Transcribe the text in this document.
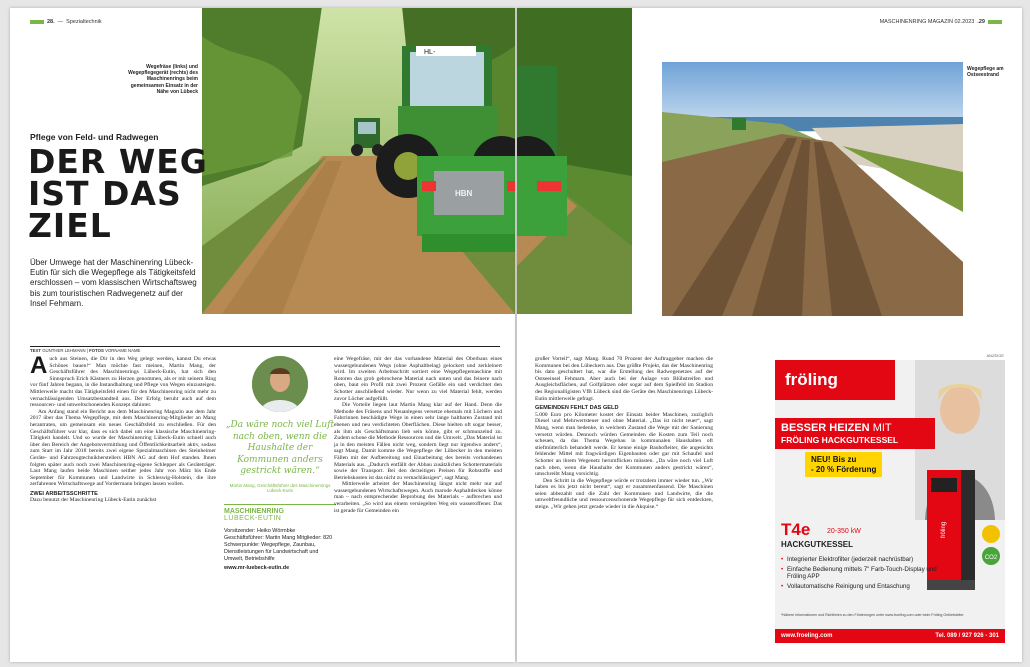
28. — Spezialtechnik
Wegefräse (links) und Wegepflegegerät (rechts) des Maschinenrings beim gemeinsamen Einsatz in der Nähe von Lübeck
HL-
HBN
Pflege von Feld- und Radwegen
DER WEG
IST DAS
ZIEL
Über Umwege hat der Maschinenring Lübeck-Eutin für sich die Wegepflege als Tätigkeitsfeld erschlossen – vom klassischen Wirtschaftsweg bis zum touristischen Radwegenetz auf der Insel Fehmarn.
TEXT GUNTHER LEHMANN | FOTOS VORNAME NAME
A uch aus Steinen, die Dir in den Weg gelegt werden, kannst Du etwas Schönes bauen!“ Man möchte fast meinen, Martin Mang, der Geschäftsführer des Maschinenrings Lübeck-Eutin, hat sich den Sinnspruch Erich Kästners zu Herzen genommen, als er mit seinem Ring vor fünf Jahren begann, in die Instandhaltung und Pflege von Wegen einzusteigen. Mittlerweile macht das Tätigkeitsfeld einen für den Maschinenring nicht mehr zu vernachlässigenden Umsatzbestandteil aus. Der Erfolg beruht auch auf dem ressourcen- und umweltschonenden Konzept dahinter.

Am Anfang stand ein Bericht aus dem Maschinenring Magazin aus dem Jahr 2017 über das Thema Wegepflege, mit dem Maschinenring-Mitglieder an Mang herantraten, um gemeinsam ein neues Geschäftsfeld zu erschließen. Für den Geschäftsführer war klar, dass es sich dabei um eine klassische Maschinenring-Tätigkeit handelt. Und so wurde der Maschinenring Lübeck-Eutin schnell auch über den Bereich der Angebotsvermittlung und Öffentlichkeitsarbeit aktiv, sodass zum Start im Jahr 2018 bereits zwei eigene Spezialmaschinen des Steinheimer Geräte- und Fahrzeugtechnikherstellers HBN AG auf dem Hof standen. Ihnen folgten später auch noch zwei Maschinenring-eigene Schlepper als Geräteträger. Laut Mang laufen beide Maschinen seither jedes Jahr von März bis Ende September für Kommunen und Landwirte in Schleswig-Holstein, die ihre zerfahrenen Wirtschaftswege auf Vordermann bringen lassen wollen.

ZWEI ARBEITSSCHRITTE

Dazu benutzt der Maschinenring Lübeck-Eutin zunächst

„Da wäre noch viel Luft nach oben, wenn die Haushalte der Kommunen anders gestrickt wären.“
Martin Mang, Geschäftsführer des Maschinenrings Lübeck-Eutin
MASCHINENRING
LÜBECK-EUTIN
Vorsitzender: Heiko Wörmbke Geschäftsführer: Martin Mang Mitglieder: 820 Schwerpunkte: Wegepflege, Zaunbau, Dienstleistungen für Landwirtschaft und Umwelt, Betriebshilfe
www.mr-luebeck-eutin.de

eine Wegefräse, mit der das vorhandene Material des Oberbaus eines wassergebundenen Wegs (ohne Asphaltbelag) gelockert und zerkleinert wird. Im zweiten Arbeitsschritt sortiert eine Wegepflegemaschine mit Rotoren das grob gebrochene Material nach unten und das feinere nach oben, baut ein Profil mit zwei Prozent Gefälle ein und verdichtet den Schotter anschließend wieder. Nur wenn zu viel Material fehlt, werden zuvor Löcher aufgefüllt.

Die Vorteile liegen laut Martin Mang klar auf der Hand. Denn die Methode des Fräsens und Neuanlegens versetze ehemals mit Löchern und Fahrrinnen beschädigte Wege in einen sehr lange haltbaren Zustand mit ebenen und neu verdichteten Oberflächen. Diese hielten oft sogar besser, als ihm als Geschäftsmann lieb sein könne, gibt er schmunzelnd zu. Zudem schone die Methode Ressourcen und die Umwelt. „Das Material ist ja in den meisten Fällen nicht weg, sondern liegt nur irgendwo anders“, sagt Mang. Damit komme die Wegepflege der Lübecker in den meisten Fällen mit der Aufbereitung und Einarbeitung des bereits vorhandenen Materials aus. „Dadurch entfällt der Abbau zusätzlichen Schottermaterials sowie der Transport. Bei den derzeitigen Preisen für Rohstoffe und Betriebskosten ist das nicht zu vernachlässigen“, sagt Mang.

Mittlerweile arbeitet der Maschinenring längst nicht mehr nur auf wassergebundenen Wirtschaftswegen. Auch marode Asphaltdecken könne man – nach entsprechender Beprobung des Materials – aufbrechen und verarbeiten. „So wird aus einem versiegelten Weg ein wasseroffener. Das ist gerade für Gemeinden ein

MASCHINENRING MAGAZIN 02.2023 .29
Wegepflege am Ostseestrand

großer Vorteil“, sagt Mang. Rund 70 Prozent der Auftraggeber machen die Kommunen bei den Lübeckern aus. Das größte Projekt, das der Maschinenring bis dato geschultert hat, war die Erstellung des Radwegenetzes auf der Ostseeinsel Fehmarn. Aber auch bei der Anlage von Blühstreifen und Ausgleichsflächen, auf Golfplätzen oder sogar auf dem Spielfeld im Stadion des Regionalligisten VfB Lübeck sind die Geräte des Maschinenrings Lübeck-Eutin mittlerweile gefragt.

GEMEINDEN FEHLT DAS GELD

5.000 Euro pro Kilometer kostet der Einsatz beider Maschinen, zuzüglich Diesel und Mehrwertsteuer und ohne Material. „Das ist nicht teuer“, sagt Mang, wenn man bedenke, in welchem Zustand die Wege mit der Sanierung versetzt würden. Dennoch würden Gemeinden die Kosten zum Teil noch scheuen, da das Thema Wegebau in kommunalen Haushalten oft stiefmütterlich behandelt werde. Er kenne einige Bauhofleiter, die angesichts fehlender Mittel mit fragwürdigen Eigenbauten oder gar mit Schaufel und Schotter an ihrem Wegenetz herumflicken müssten. „Da wäre noch viel Luft nach oben, wenn die Haushalte der Kommunen anders gestrickt wären“, umschreibt Mang vorsichtig.

Den Schritt in die Wegepflege würde er trotzdem immer wieder tun. „Wir haben es bis jetzt nicht bereut“, sagt er zusammenfassend. Die Maschinen seien abbezahlt und die Zahl der Kommunen und Landwirte, die die umweltfreundliche und ressourcenschonende Wegepflege für sich entdeckten, steige. „Wir gehen jetzt gerade wieder in die Akquise.“

ANZEIGE
fröling
BESSER HEIZEN MIT
FRÖLING HACKGUTKESSEL
NEU! Bis zu
- 20 % Förderung
fröling
CO2
T4e 20-350 kW
HACKGUTKESSEL
• Integrierter Elektrofilter (jederzeit nachrüstbar)
• Einfache Bedienung mittels 7" Farb-Touch-Display und Fröling APP
• Vollautomatische Reinigung und Entaschung
*Nähere Informationen und Richtlinien zu den Förderungen unter www.froeling.com oder beim Fröling Gebietsleiter.
www.froeling.com	Tel. 089 / 927 926 - 301
